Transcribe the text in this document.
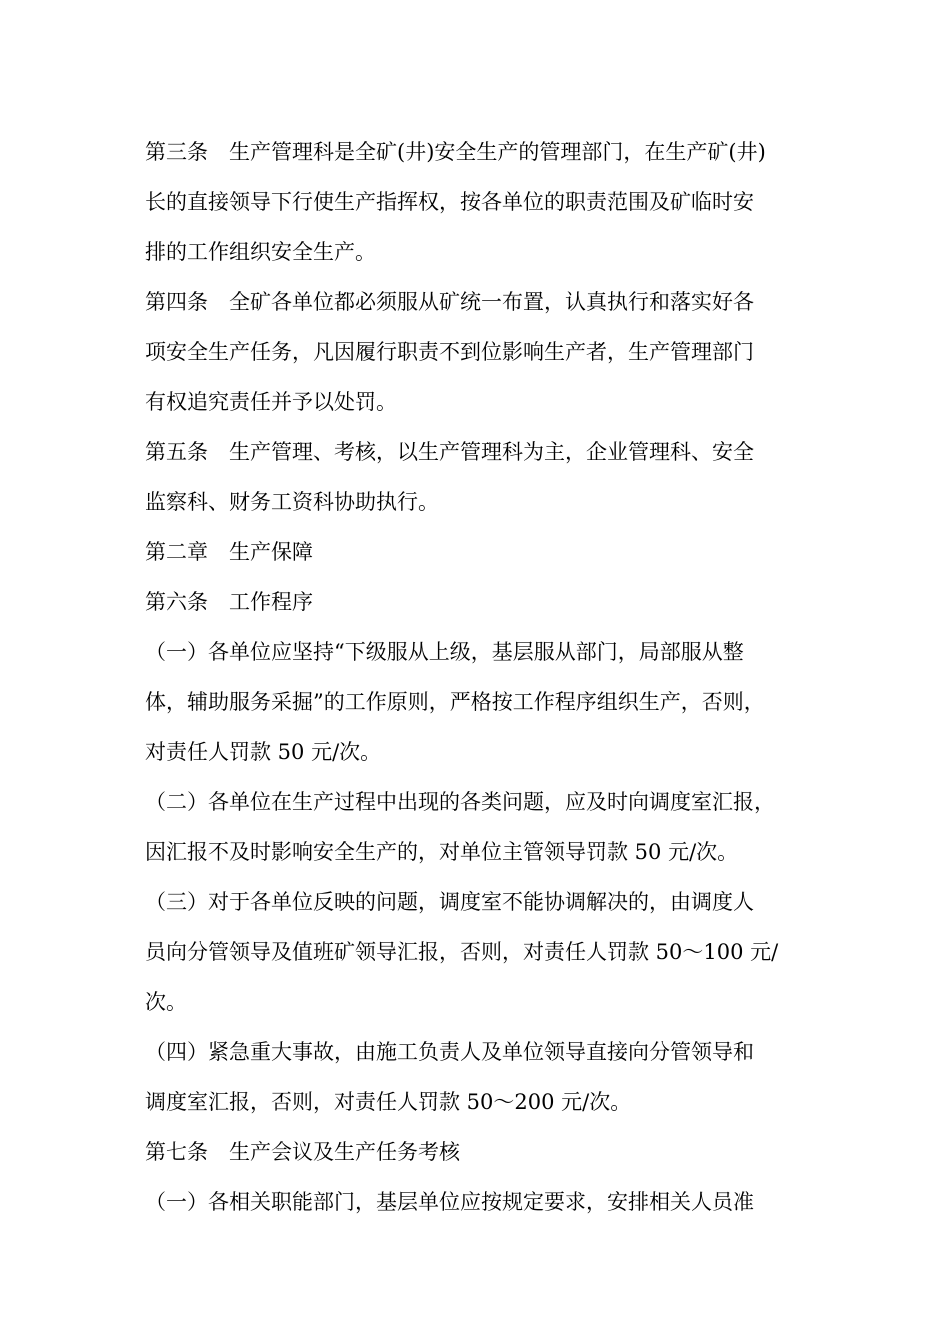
第三条　生产管理科是全矿(井)安全生产的管理部门，在生产矿(井)
长的直接领导下行使生产指挥权，按各单位的职责范围及矿临时安
排的工作组织安全生产。
第四条　全矿各单位都必须服从矿统一布置，认真执行和落实好各
项安全生产任务，凡因履行职责不到位影响生产者，生产管理部门
有权追究责任并予以处罚。
第五条　生产管理、考核，以生产管理科为主，企业管理科、安全
监察科、财务工资科协助执行。
第二章　生产保障
第六条　工作程序
（一）各单位应坚持“下级服从上级，基层服从部门，局部服从整
体，辅助服务采掘”的工作原则，严格按工作程序组织生产，否则，
对责任人罚款 50 元/次。
（二）各单位在生产过程中出现的各类问题，应及时向调度室汇报，
因汇报不及时影响安全生产的，对单位主管领导罚款 50 元/次。
（三）对于各单位反映的问题，调度室不能协调解决的，由调度人
员向分管领导及值班矿领导汇报，否则，对责任人罚款 50～100 元/
次。
（四）紧急重大事故，由施工负责人及单位领导直接向分管领导和
调度室汇报，否则，对责任人罚款 50～200 元/次。
第七条　生产会议及生产任务考核
（一）各相关职能部门，基层单位应按规定要求，安排相关人员准
